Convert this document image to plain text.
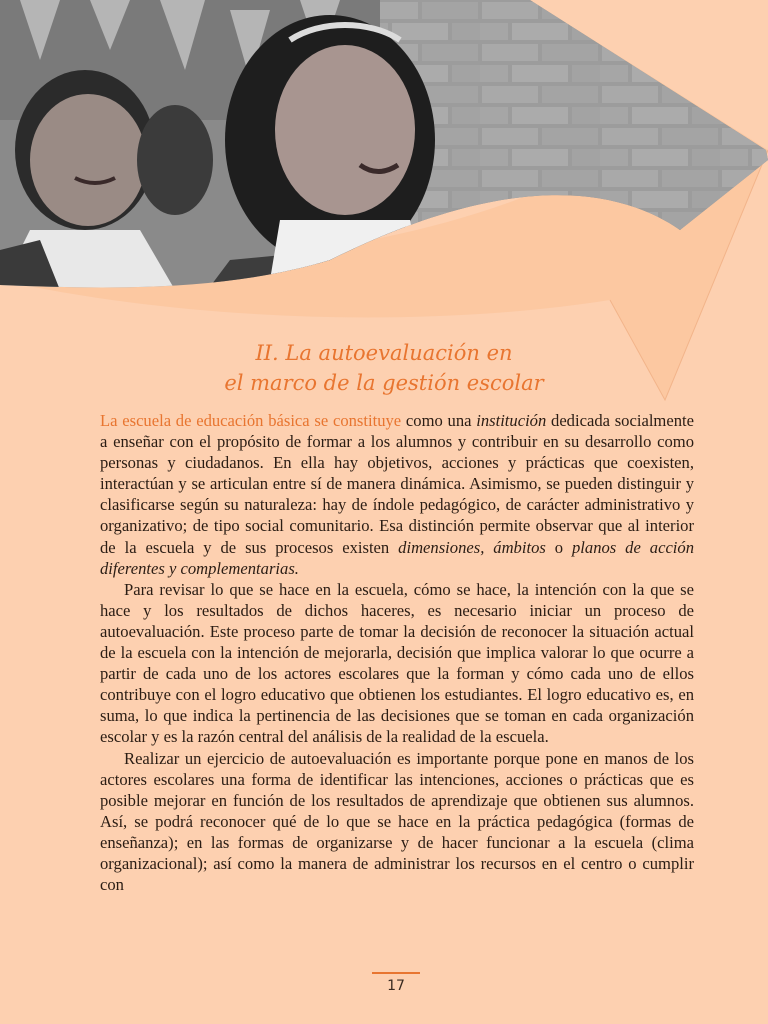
II. La autoevaluación en
el marco de la gestión escolar

La escuela de educación básica se constituye como una institución dedicada socialmente a enseñar con el propósito de formar a los alumnos y contribuir en su desarrollo como personas y ciudadanos. En ella hay objetivos, acciones y prácticas que coexisten, interactúan y se articulan entre sí de manera dinámica. Asimismo, se pueden distinguir y clasificarse según su naturaleza: hay de índole pedagógico, de carácter administrativo y organizativo; de tipo social comunitario. Esa distinción permite observar que al interior de la escuela y de sus procesos existen dimensiones, ámbitos o planos de acción diferentes y complementarias.

Para revisar lo que se hace en la escuela, cómo se hace, la intención con la que se hace y los resultados de dichos haceres, es necesario iniciar un proceso de autoevaluación. Este proceso parte de tomar la decisión de reconocer la situación actual de la escuela con la intención de mejorarla, decisión que implica valorar lo que ocurre a partir de cada uno de los actores escolares que la forman y cómo cada uno de ellos contribuye con el logro educativo que obtienen los estudiantes. El logro educativo es, en suma, lo que indica la pertinencia de las decisiones que se toman en cada organización escolar y es la razón central del análisis de la realidad de la escuela.

Realizar un ejercicio de autoevaluación es importante porque pone en manos de los actores escolares una forma de identificar las intenciones, acciones o prácticas que es posible mejorar en función de los resultados de aprendizaje que obtienen sus alumnos. Así, se podrá reconocer qué de lo que se hace en la práctica pedagógica (formas de enseñanza); en las formas de organizarse y de hacer funcionar a la escuela (clima organizacional); así como la manera de administrar los recursos en el centro o cumplir con

17
